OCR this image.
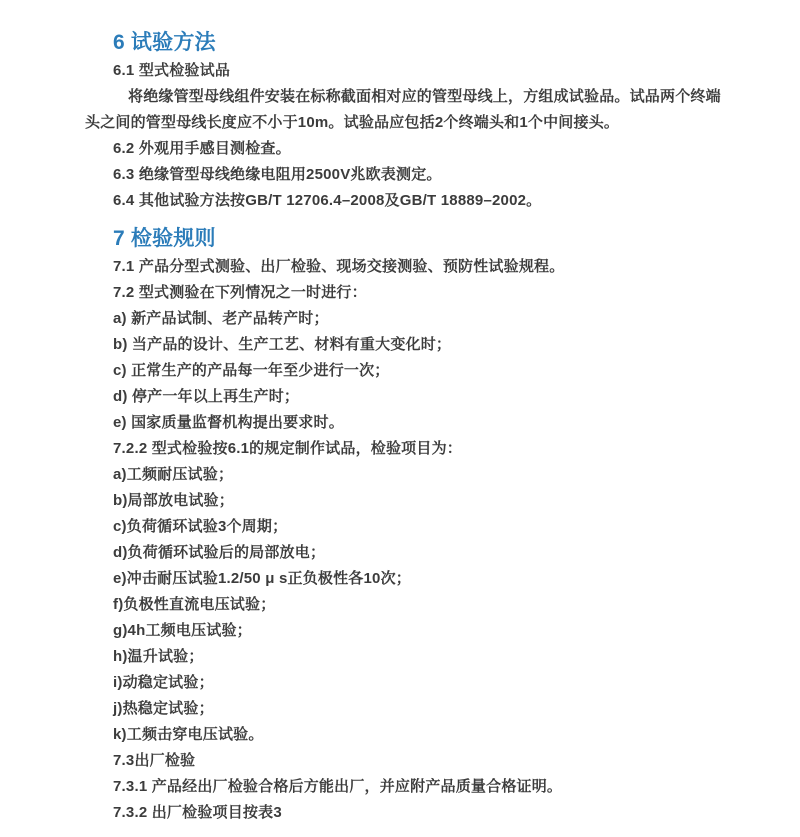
6 试验方法
6.1 型式检验试品
将绝缘管型母线组件安装在标称截面相对应的管型母线上，方组成试验品。试品两个终端头之间的管型母线长度应不小于10m。试验品应包括2个终端头和1个中间接头。
6.2 外观用手感目测检查。
6.3 绝缘管型母线绝缘电阻用2500V兆欧表测定。
6.4 其他试验方法按GB/T 12706.4–2008及GB/T 18889–2002。
7 检验规则
7.1 产品分型式测验、出厂检验、现场交接测验、预防性试验规程。
7.2 型式测验在下列情况之一时进行：
a) 新产品试制、老产品转产时；
b) 当产品的设计、生产工艺、材料有重大变化时；
c) 正常生产的产品每一年至少进行一次；
d) 停产一年以上再生产时；
e) 国家质量监督机构提出要求时。
7.2.2 型式检验按6.1的规定制作试品，检验项目为：
a)工频耐压试验；
b)局部放电试验；
c)负荷循环试验3个周期；
d)负荷循环试验后的局部放电；
e)冲击耐压试验1.2/50 μ s正负极性各10次；
f)负极性直流电压试验；
g)4h工频电压试验；
h)温升试验；
i)动稳定试验；
j)热稳定试验；
k)工频击穿电压试验。
7.3出厂检验
7.3.1 产品经出厂检验合格后方能出厂，并应附产品质量合格证明。
7.3.2 出厂检验项目按表3
